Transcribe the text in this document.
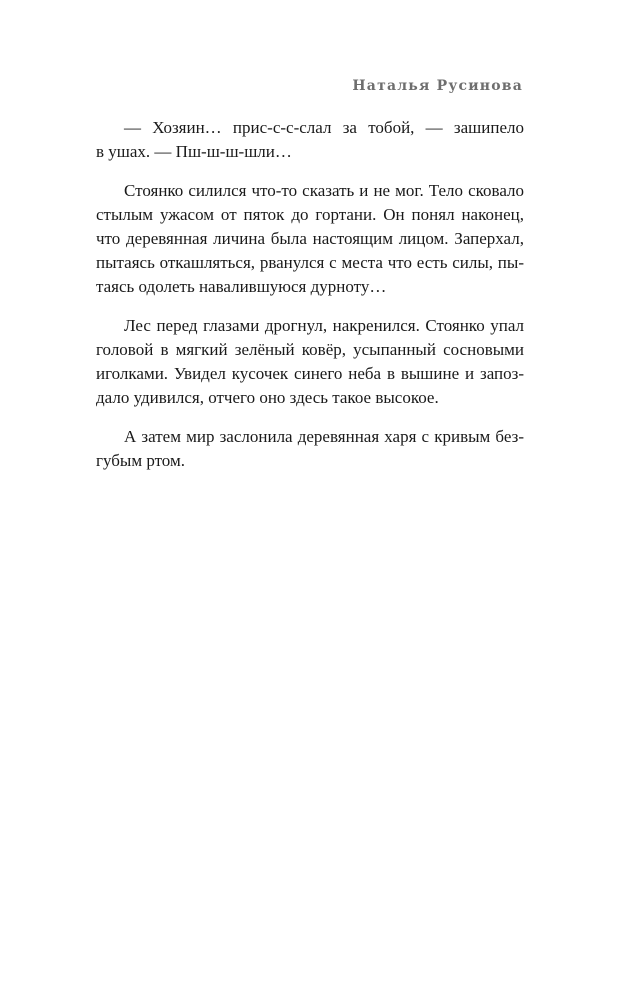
Наталья Русинова
— Хозяин… прис-с-с-слал за тобой, — зашипело
в ушах. — Пш-ш-ш-шли…
Стоянко силился что-то сказать и не мог. Тело сковало
стылым ужасом от пяток до гортани. Он понял наконец,
что деревянная личина была настоящим лицом. Заперхал,
пытаясь откашляться, рванулся с места что есть силы, пы-
таясь одолеть навалившуюся дурноту…
Лес перед глазами дрогнул, накренился. Стоянко упал
головой в мягкий зелёный ковёр, усыпанный сосновыми
иголками. Увидел кусочек синего неба в вышине и запоз-
дало удивился, отчего оно здесь такое высокое.
А затем мир заслонила деревянная харя с кривым без-
губым ртом.
